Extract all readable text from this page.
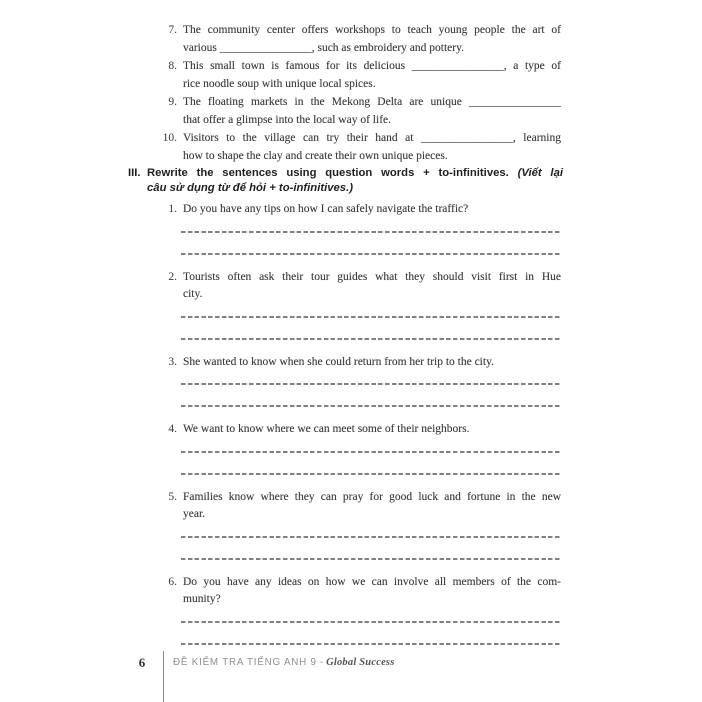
7. The community center offers workshops to teach young people the art of
various ________________, such as embroidery and pottery.
8. This small town is famous for its delicious ________________, a type of
rice noodle soup with unique local spices.
9. The floating markets in the Mekong Delta are unique ________________
that offer a glimpse into the local way of life.
10. Visitors to the village can try their hand at ________________, learning
how to shape the clay and create their own unique pieces.
III. Rewrite the sentences using question words + to-infinitives. (Viết lại
câu sử dụng từ để hỏi + to-infinitives.)
1. Do you have any tips on how I can safely navigate the traffic?
2. Tourists often ask their tour guides what they should visit first in Hue
city.
3. She wanted to know when she could return from her trip to the city.
4. We want to know where we can meet some of their neighbors.
5. Families know where they can pray for good luck and fortune in the new
year.
6. Do you have any ideas on how we can involve all members of the com-
munity?
6	ĐỀ KIỂM TRA TIẾNG ANH 9 - Global Success
